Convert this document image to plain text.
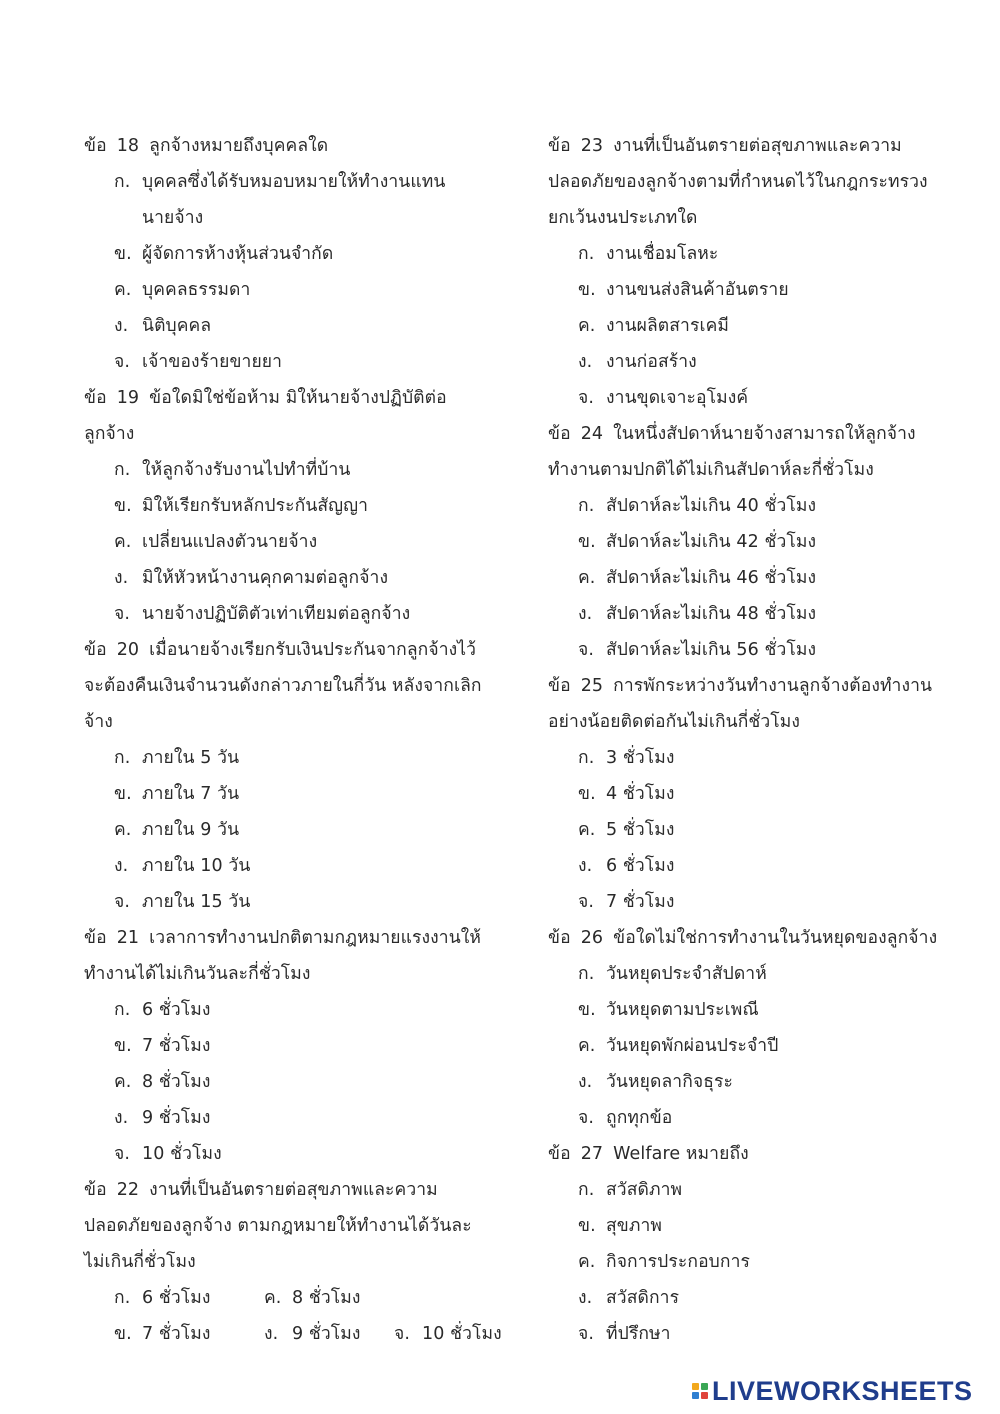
ข้อ 18 ลูกจ้างหมายถึงบุคคลใด
ก. บุคคลซึ่งได้รับหมอบหมายให้ทำงานแทน
นายจ้าง
ข. ผู้จัดการห้างหุ้นส่วนจำกัด
ค. บุคคลธรรมดา
ง. นิติบุคคล
จ. เจ้าของร้ายขายยา
ข้อ 19 ข้อใดมิใช่ข้อห้าม มิให้นายจ้างปฏิบัติต่อ
ลูกจ้าง
ก. ให้ลูกจ้างรับงานไปทำที่บ้าน
ข. มิให้เรียกรับหลักประกันสัญญา
ค. เปลี่ยนแปลงตัวนายจ้าง
ง. มิให้หัวหน้างานคุกคามต่อลูกจ้าง
จ. นายจ้างปฏิบัติตัวเท่าเทียมต่อลูกจ้าง
ข้อ 20 เมื่อนายจ้างเรียกรับเงินประกันจากลูกจ้างไว้
จะต้องคืนเงินจำนวนดังกล่าวภายในกี่วัน หลังจากเลิก
จ้าง
ก. ภายใน 5 วัน
ข. ภายใน 7 วัน
ค. ภายใน 9 วัน
ง. ภายใน 10 วัน
จ. ภายใน 15 วัน
ข้อ 21 เวลาการทำงานปกติตามกฎหมายแรงงานให้
ทำงานได้ไม่เกินวันละกี่ชั่วโมง
ก. 6 ชั่วโมง
ข. 7 ชั่วโมง
ค. 8 ชั่วโมง
ง. 9 ชั่วโมง
จ. 10 ชั่วโมง
ข้อ 22 งานที่เป็นอันตรายต่อสุขภาพและความ
ปลอดภัยของลูกจ้าง ตามกฎหมายให้ทำงานได้วันละ
ไม่เกินกี่ชั่วโมง
ก. 6 ชั่วโมง	ค. 8 ชั่วโมง
ข. 7 ชั่วโมง	ง. 9 ชั่วโมง จ. 10 ชั่วโมง
ข้อ 23 งานที่เป็นอันตรายต่อสุขภาพและความ
ปลอดภัยของลูกจ้างตามที่กำหนดไว้ในกฎกระทรวง
ยกเว้นงนประเภทใด
ก. งานเชื่อมโลหะ
ข. งานขนส่งสินค้าอันตราย
ค. งานผลิตสารเคมี
ง. งานก่อสร้าง
จ. งานขุดเจาะอุโมงค์
ข้อ 24 ในหนึ่งสัปดาห์นายจ้างสามารถให้ลูกจ้าง
ทำงานตามปกติได้ไม่เกินสัปดาห์ละกี่ชั่วโมง
ก. สัปดาห์ละไม่เกิน 40 ชั่วโมง
ข. สัปดาห์ละไม่เกิน 42 ชั่วโมง
ค. สัปดาห์ละไม่เกิน 46 ชั่วโมง
ง. สัปดาห์ละไม่เกิน 48 ชั่วโมง
จ. สัปดาห์ละไม่เกิน 56 ชั่วโมง
ข้อ 25 การพักระหว่างวันทำงานลูกจ้างต้องทำงาน
อย่างน้อยติดต่อกันไม่เกินกี่ชั่วโมง
ก. 3 ชั่วโมง
ข. 4 ชั่วโมง
ค. 5 ชั่วโมง
ง. 6 ชั่วโมง
จ. 7 ชั่วโมง
ข้อ 26 ข้อใดไม่ใช่การทำงานในวันหยุดของลูกจ้าง
ก. วันหยุดประจำสัปดาห์
ข. วันหยุดตามประเพณี
ค. วันหยุดพักผ่อนประจำปี
ง. วันหยุดลากิจธุระ
จ. ถูกทุกข้อ
ข้อ 27 Welfare หมายถึง
ก. สวัสดิภาพ
ข. สุขภาพ
ค. กิจการประกอบการ
ง. สวัสดิการ
จ. ที่ปรึกษา
LIVEWORKSHEETS
